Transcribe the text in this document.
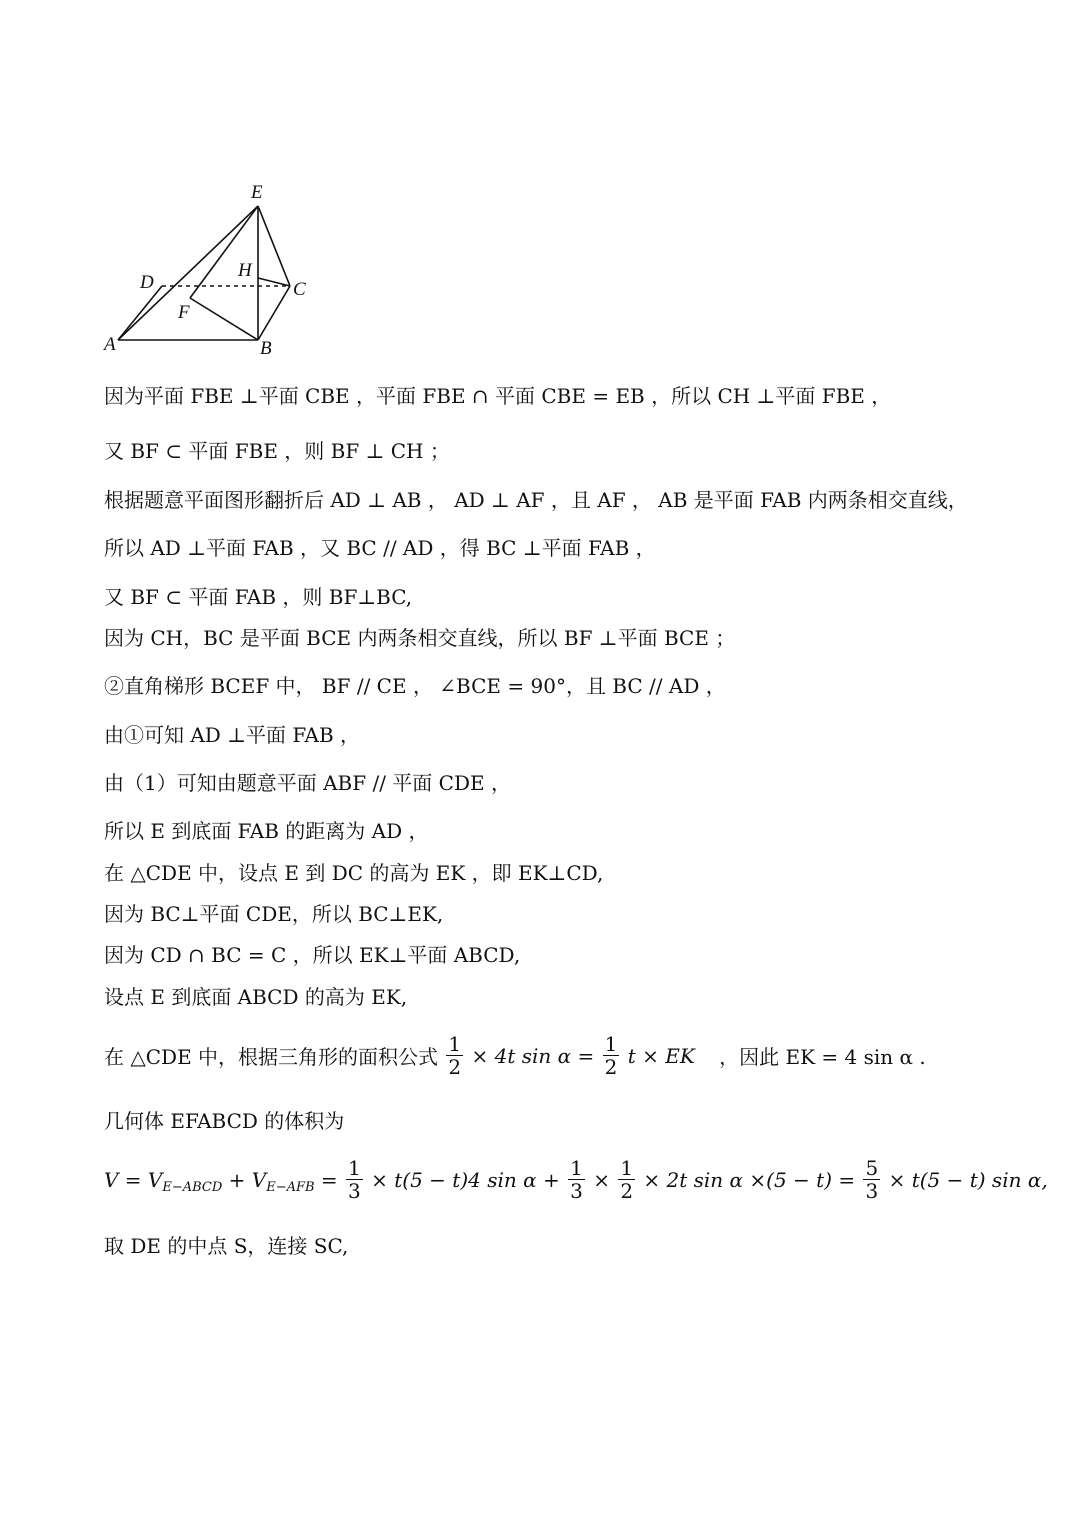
E
D
H
C
F
A	B
因为平面 FBE ⊥平面 CBE ，平面 FBE ∩ 平面 CBE = EB ，所以 CH ⊥平面 FBE ，
又 BF ⊂ 平面 FBE ，则 BF ⊥ CH ；
根据题意平面图形翻折后 AD ⊥ AB ， AD ⊥ AF ，且 AF ， AB 是平面 FAB 内两条相交直线，
所以 AD ⊥平面 FAB ，又 BC // AD ，得 BC ⊥平面 FAB ，
又 BF ⊂ 平面 FAB ，则 BF⊥BC,
因为 CH，BC 是平面 BCE 内两条相交直线，所以 BF ⊥平面 BCE ；
②直角梯形 BCEF 中， BF // CE ， ∠BCE = 90°，且 BC // AD ，
由①可知 AD ⊥平面 FAB ，
由（1）可知由题意平面 ABF // 平面 CDE ，
所以 E 到底面 FAB 的距离为 AD ，
在 △CDE 中，设点 E 到 DC 的高为 EK ，即 EK⊥CD,
因为 BC⊥平面 CDE，所以 BC⊥EK,
因为 CD ∩ BC = C ，所以 EK⊥平面 ABCD,
设点 E 到底面 ABCD 的高为 EK,
在 △CDE 中，根据三角形的面积公式 $\frac{1}{2} \times 4t$ $\sin \alpha = \frac{1}{2}$ t × EK ，因此 EK = 4 sin α .
几何体 EFABCD 的体积为
V = VE−ABCD + $VE-AFB = \frac{1}{3} \times t(5 - t)4$ $\sin \alpha + \frac{1}{3} \times \frac{1}{2} \times 2t$ $\sin \alpha \times(5 - t) = \frac{5}{3} \times t(5 - t)$ sin α,
取 DE 的中点 S，连接 SC,
